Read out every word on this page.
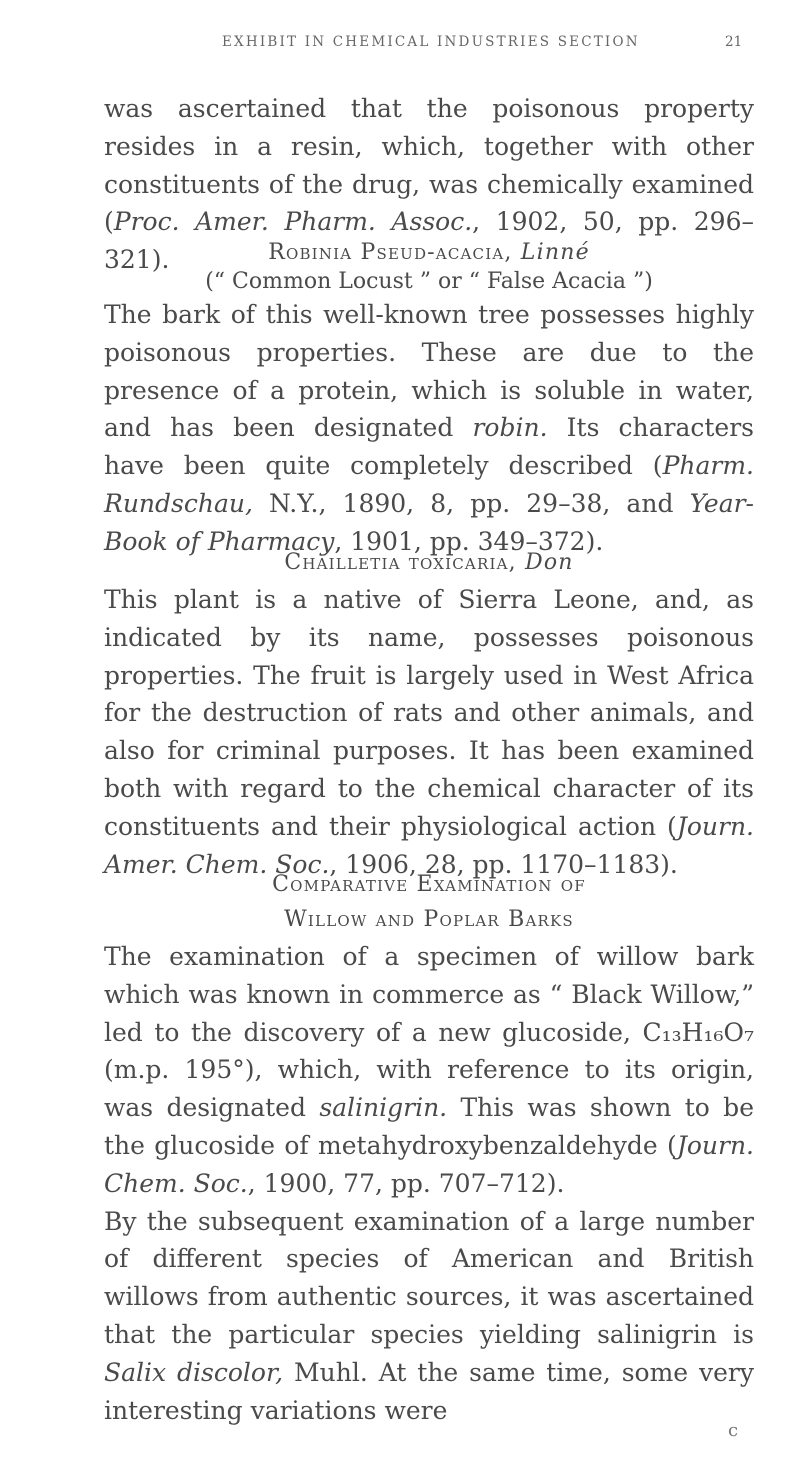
EXHIBIT IN CHEMICAL INDUSTRIES SECTION	21

was ascertained that the poisonous property resides in a resin, which, together with other constituents of the drug, was chemically examined (Proc. Amer. Pharm. Assoc., 1902, 50, pp. 296–321).	Robinia Pseud-acacia, Linné

(“ Common Locust ” or “ False Acacia ”)

The bark of this well-known tree possesses highly poisonous properties. These are due to the presence of a protein, which is soluble in water, and has been designated robin. Its characters have been quite completely described (Pharm. Rundschau, N.Y., 1890, 8, pp. 29–38, and Year-Book of Pharmacy, 1901, pp. 349–372).

Chailletia toxicaria, Don

This plant is a native of Sierra Leone, and, as indicated by its name, possesses poisonous properties. The fruit is largely used in West Africa for the destruction of rats and other animals, and also for criminal purposes. It has been examined both with regard to the chemical character of its constituents and their physiological action (Journ. Amer. Chem. Soc., 1906, 28, pp. 1170–1183).

Comparative Examination of

Willow and Poplar Barks

The examination of a specimen of willow bark which was known in commerce as “ Black Willow,” led to the discovery of a new glucoside, C₁₃H₁₆O₇ (m.p. 195°), which, with reference to its origin, was designated salinigrin. This was shown to be the glucoside of metahydroxybenzaldehyde (Journ. Chem. Soc., 1900, 77, pp. 707–712).

By the subsequent examination of a large number of different species of American and British willows from authentic sources, it was ascertained that the particular species yielding salinigrin is Salix discolor, Muhl. At the same time, some very interesting variations were

c
